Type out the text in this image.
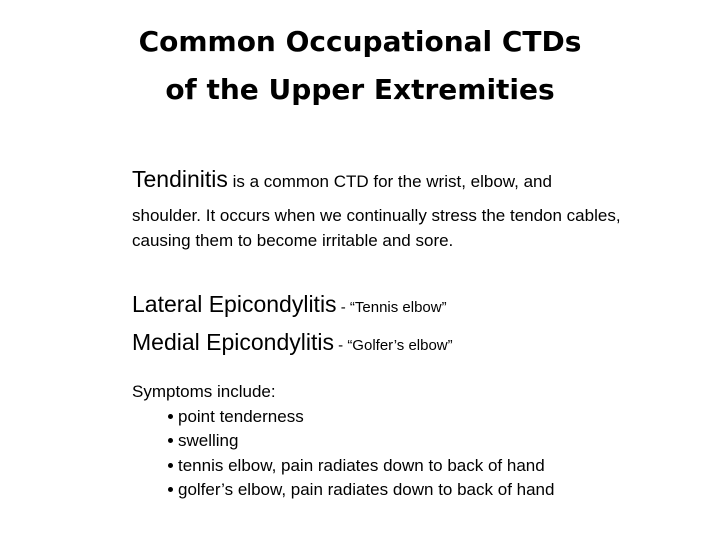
Common Occupational CTDs
of the Upper Extremities
Tendinitis is a common CTD for the wrist, elbow, and
shoulder. It occurs when we continually stress the tendon cables, causing them to become irritable and sore.
Lateral Epicondylitis - “Tennis elbow”
Medial Epicondylitis - “Golfer’s elbow”
Symptoms include:
point tenderness
swelling
tennis elbow, pain radiates down to back of hand
golfer’s elbow, pain radiates down to back of hand
